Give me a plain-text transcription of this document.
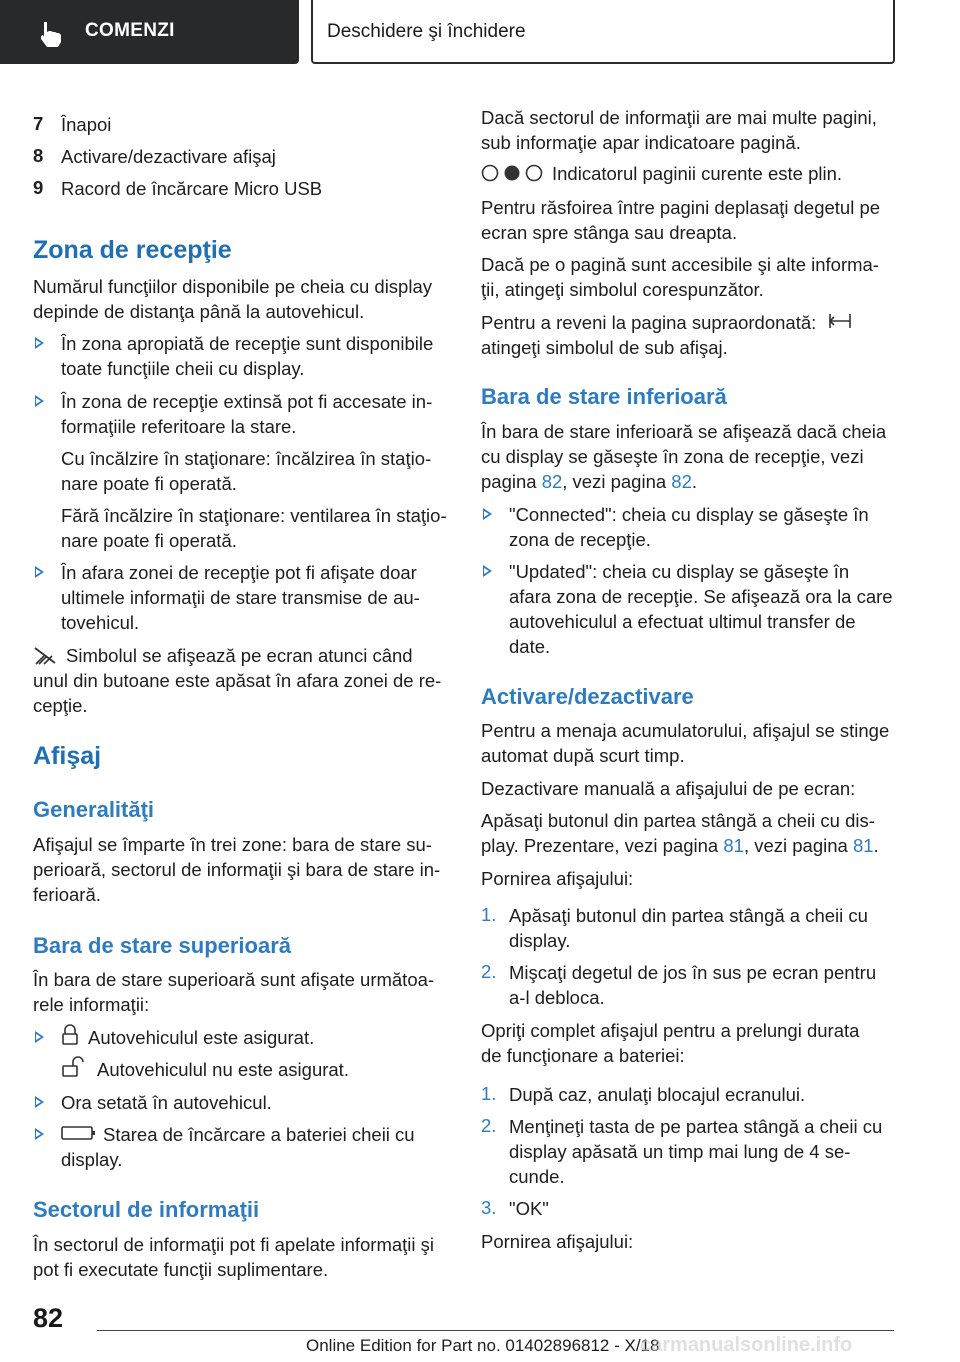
COMENZI	Deschidere şi închidere
7 Înapoi
8 Activare/dezactivare afişaj
9 Racord de încărcare Micro USB
Zona de recepţie
Numărul funcţiilor disponibile pe cheia cu display
depinde de distanţa până la autovehicul.
În zona apropiată de recepţie sunt disponibile
toate funcţiile cheii cu display.
În zona de recepţie extinsă pot fi accesate in-
formaţiile referitoare la stare.
Cu încălzire în staţionare: încălzirea în staţio-
nare poate fi operată.
Fără încălzire în staţionare: ventilarea în staţio-
nare poate fi operată.
În afara zonei de recepţie pot fi afişate doar
ultimele informaţii de stare transmise de au-
tovehicul.
Simbolul se afişează pe ecran atunci când
unul din butoane este apăsat în afara zonei de re-
cepţie.
Afişaj
Generalităţi
Afişajul se împarte în trei zone: bara de stare su-
perioară, sectorul de informaţii şi bara de stare in-
ferioară.
Bara de stare superioară
În bara de stare superioară sunt afişate următoa-
rele informaţii:
Autovehiculul este asigurat.
Autovehiculul nu este asigurat.
Ora setată în autovehicul.
Starea de încărcare a bateriei cheii cu
display.
Sectorul de informaţii
În sectorul de informaţii pot fi apelate informaţii şi
pot fi executate funcţii suplimentare.
Dacă sectorul de informaţii are mai multe pagini,
sub informaţie apar indicatoare pagină.
Indicatorul paginii curente este plin.
Pentru răsfoirea între pagini deplasaţi degetul pe
ecran spre stânga sau dreapta.
Dacă pe o pagină sunt accesibile şi alte informa-
ţii, atingeţi simbolul corespunzător.
Pentru a reveni la pagina supraordonată:
atingeţi simbolul de sub afişaj.
Bara de stare inferioară
În bara de stare inferioară se afişează dacă cheia
cu display se găseşte în zona de recepţie, vezi
pagina 82, vezi pagina 82.
"Connected": cheia cu display se găseşte în
zona de recepţie.
"Updated": cheia cu display se găseşte în
afara zona de recepţie. Se afişează ora la care
autovehiculul a efectuat ultimul transfer de
date.
Activare/dezactivare
Pentru a menaja acumulatorului, afişajul se stinge
automat după scurt timp.
Dezactivare manuală a afişajului de pe ecran:
Apăsaţi butonul din partea stângă a cheii cu dis-
play. Prezentare, vezi pagina 81, vezi pagina 81.
Pornirea afişajului:
1. Apăsaţi butonul din partea stângă a cheii cu
display.
2. Mişcaţi degetul de jos în sus pe ecran pentru
a-l debloca.
Opriţi complet afişajul pentru a prelungi durata
de funcţionare a bateriei:
1. După caz, anulaţi blocajul ecranului.
2. Menţineţi tasta de pe partea stângă a cheii cu
display apăsată un timp mai lung de 4 se-
cunde.
3. "OK"
Pornirea afişajului:
82
Online Edition for Part no. 01402896812 - X/18
carmanualsonline.info
